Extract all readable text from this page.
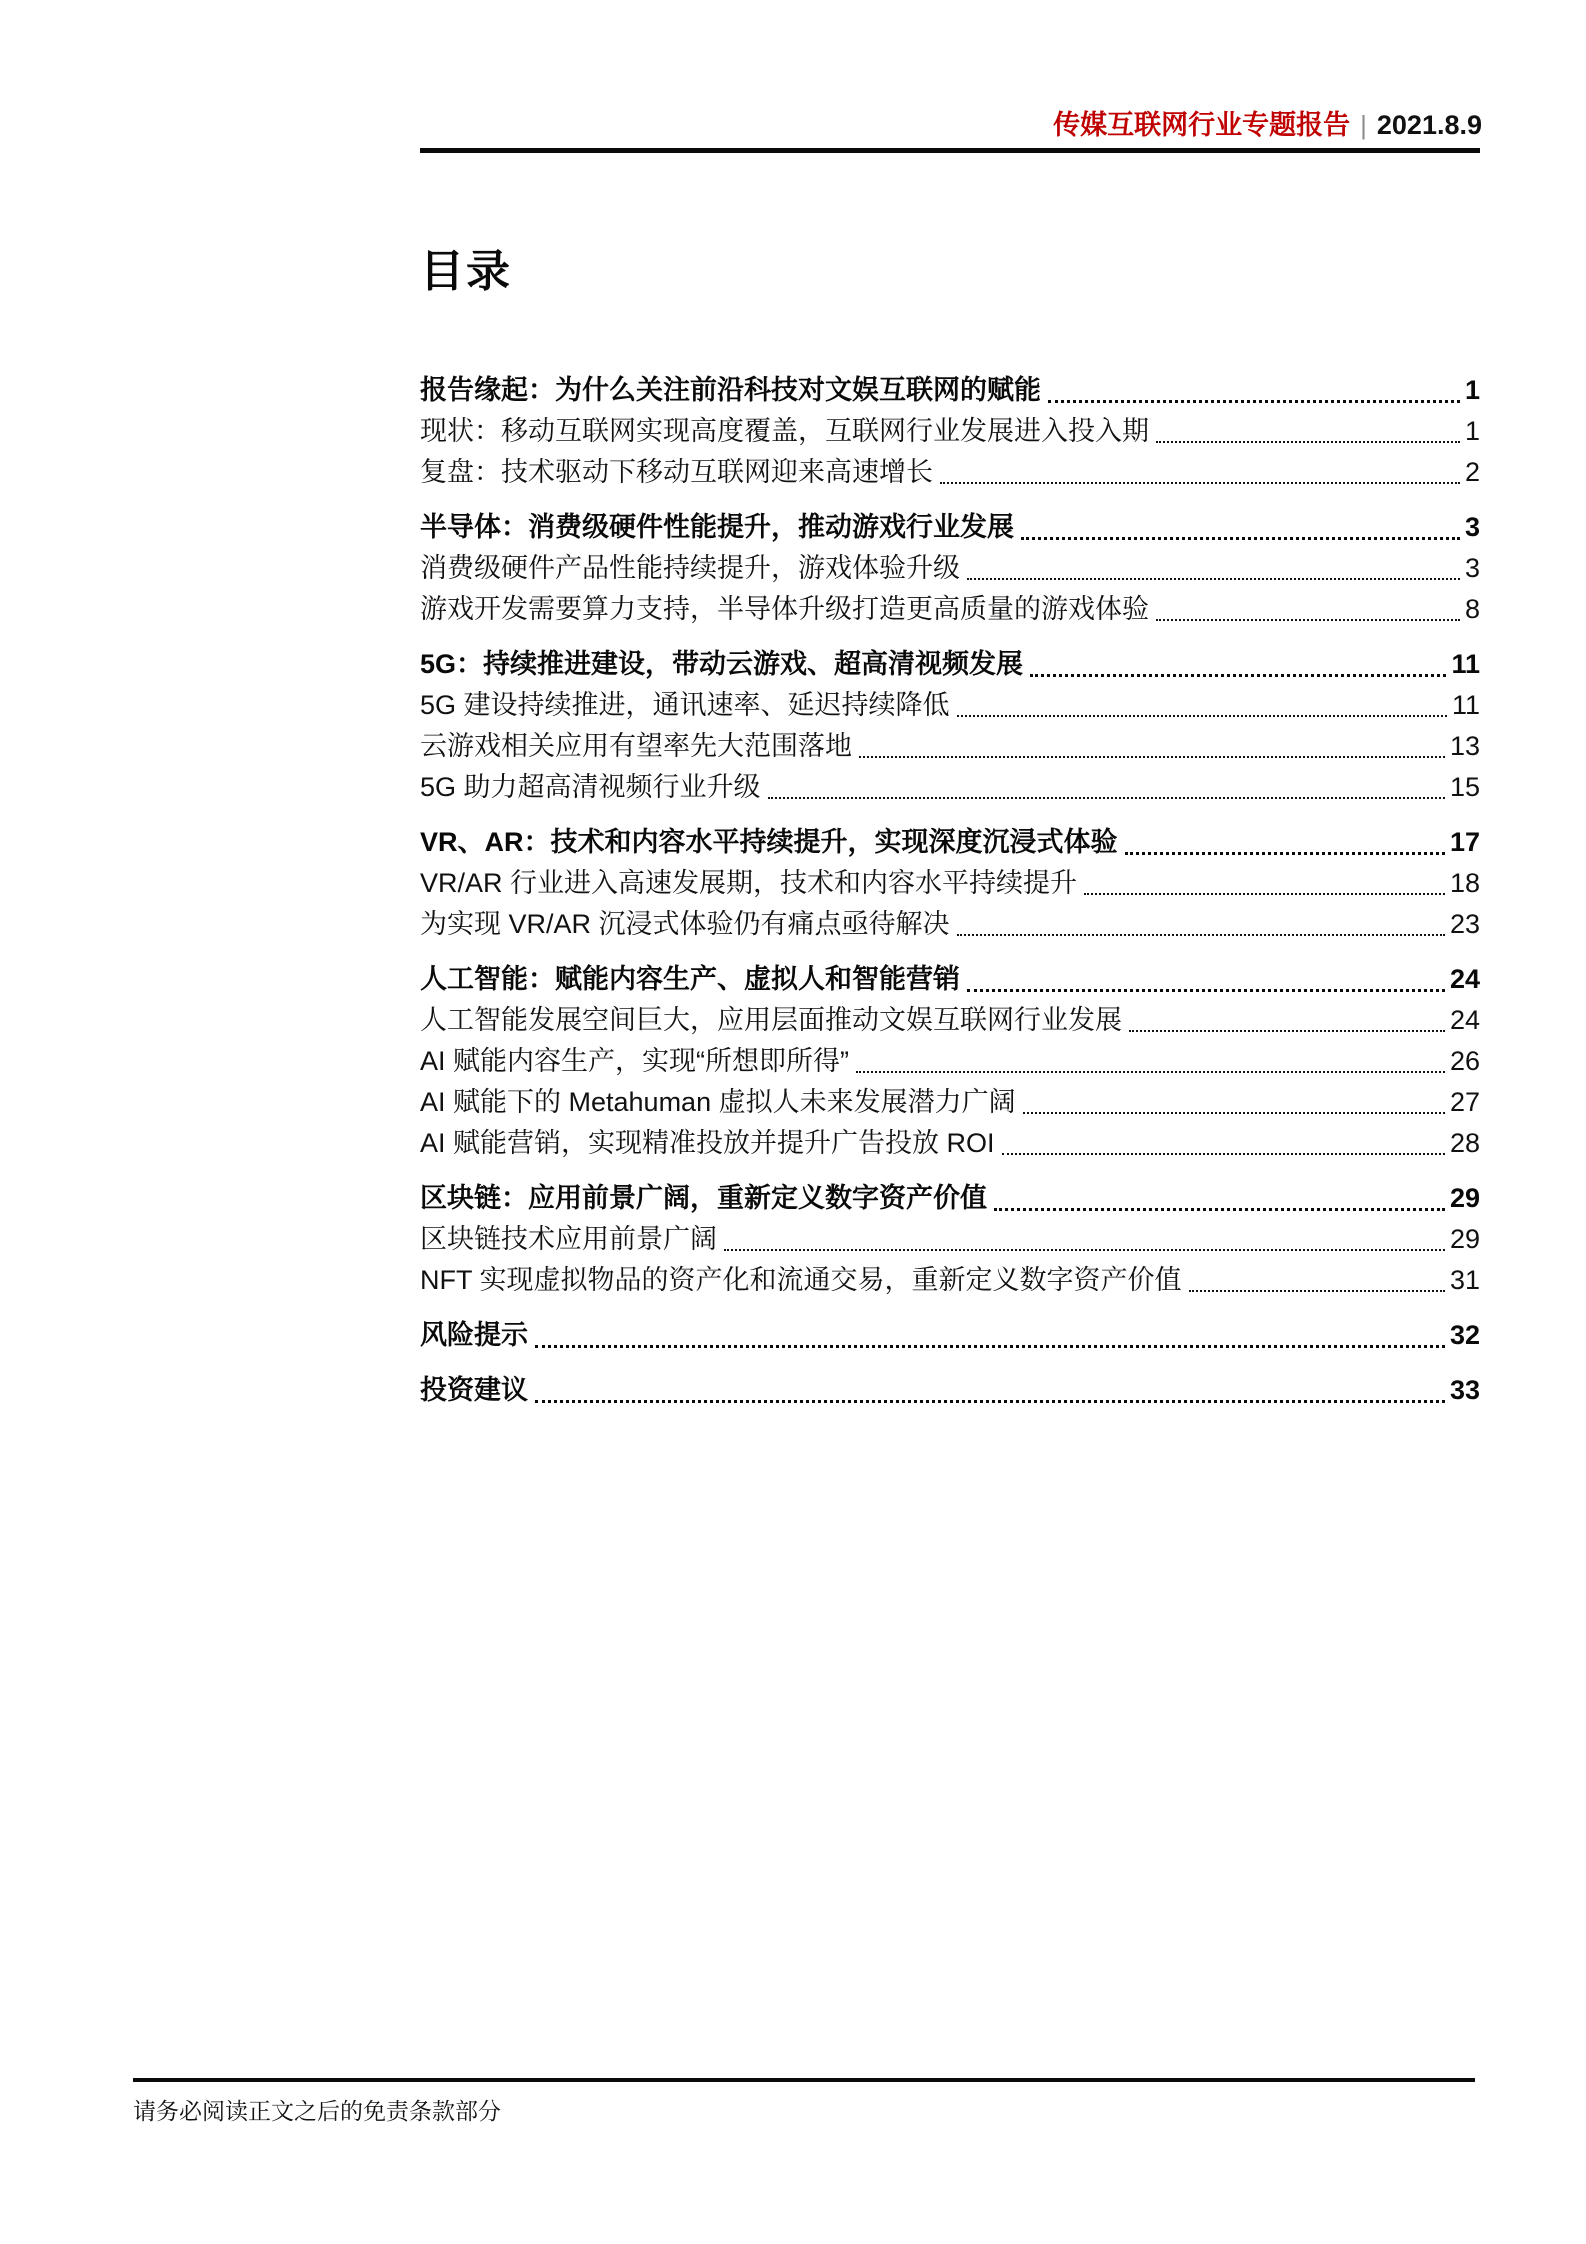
传媒互联网行业专题报告 | 2021.8.9
目录
报告缘起：为什么关注前沿科技对文娱互联网的赋能	1
现状：移动互联网实现高度覆盖，互联网行业发展进入投入期	1
复盘：技术驱动下移动互联网迎来高速增长	2
半导体：消费级硬件性能提升，推动游戏行业发展	3
消费级硬件产品性能持续提升，游戏体验升级	3
游戏开发需要算力支持，半导体升级打造更高质量的游戏体验	8
5G：持续推进建设，带动云游戏、超高清视频发展	11
5G 建设持续推进，通讯速率、延迟持续降低	11
云游戏相关应用有望率先大范围落地	13
5G 助力超高清视频行业升级	15
VR、AR：技术和内容水平持续提升，实现深度沉浸式体验	17
VR/AR 行业进入高速发展期，技术和内容水平持续提升	18
为实现 VR/AR 沉浸式体验仍有痛点亟待解决	23
人工智能：赋能内容生产、虚拟人和智能营销	24
人工智能发展空间巨大，应用层面推动文娱互联网行业发展	24
AI 赋能内容生产，实现“所想即所得”	26
AI 赋能下的 Metahuman 虚拟人未来发展潜力广阔	27
AI 赋能营销，实现精准投放并提升广告投放 ROI	28
区块链：应用前景广阔，重新定义数字资产价值	29
区块链技术应用前景广阔	29
NFT 实现虚拟物品的资产化和流通交易，重新定义数字资产价值	31
风险提示	32
投资建议	33
请务必阅读正文之后的免责条款部分
